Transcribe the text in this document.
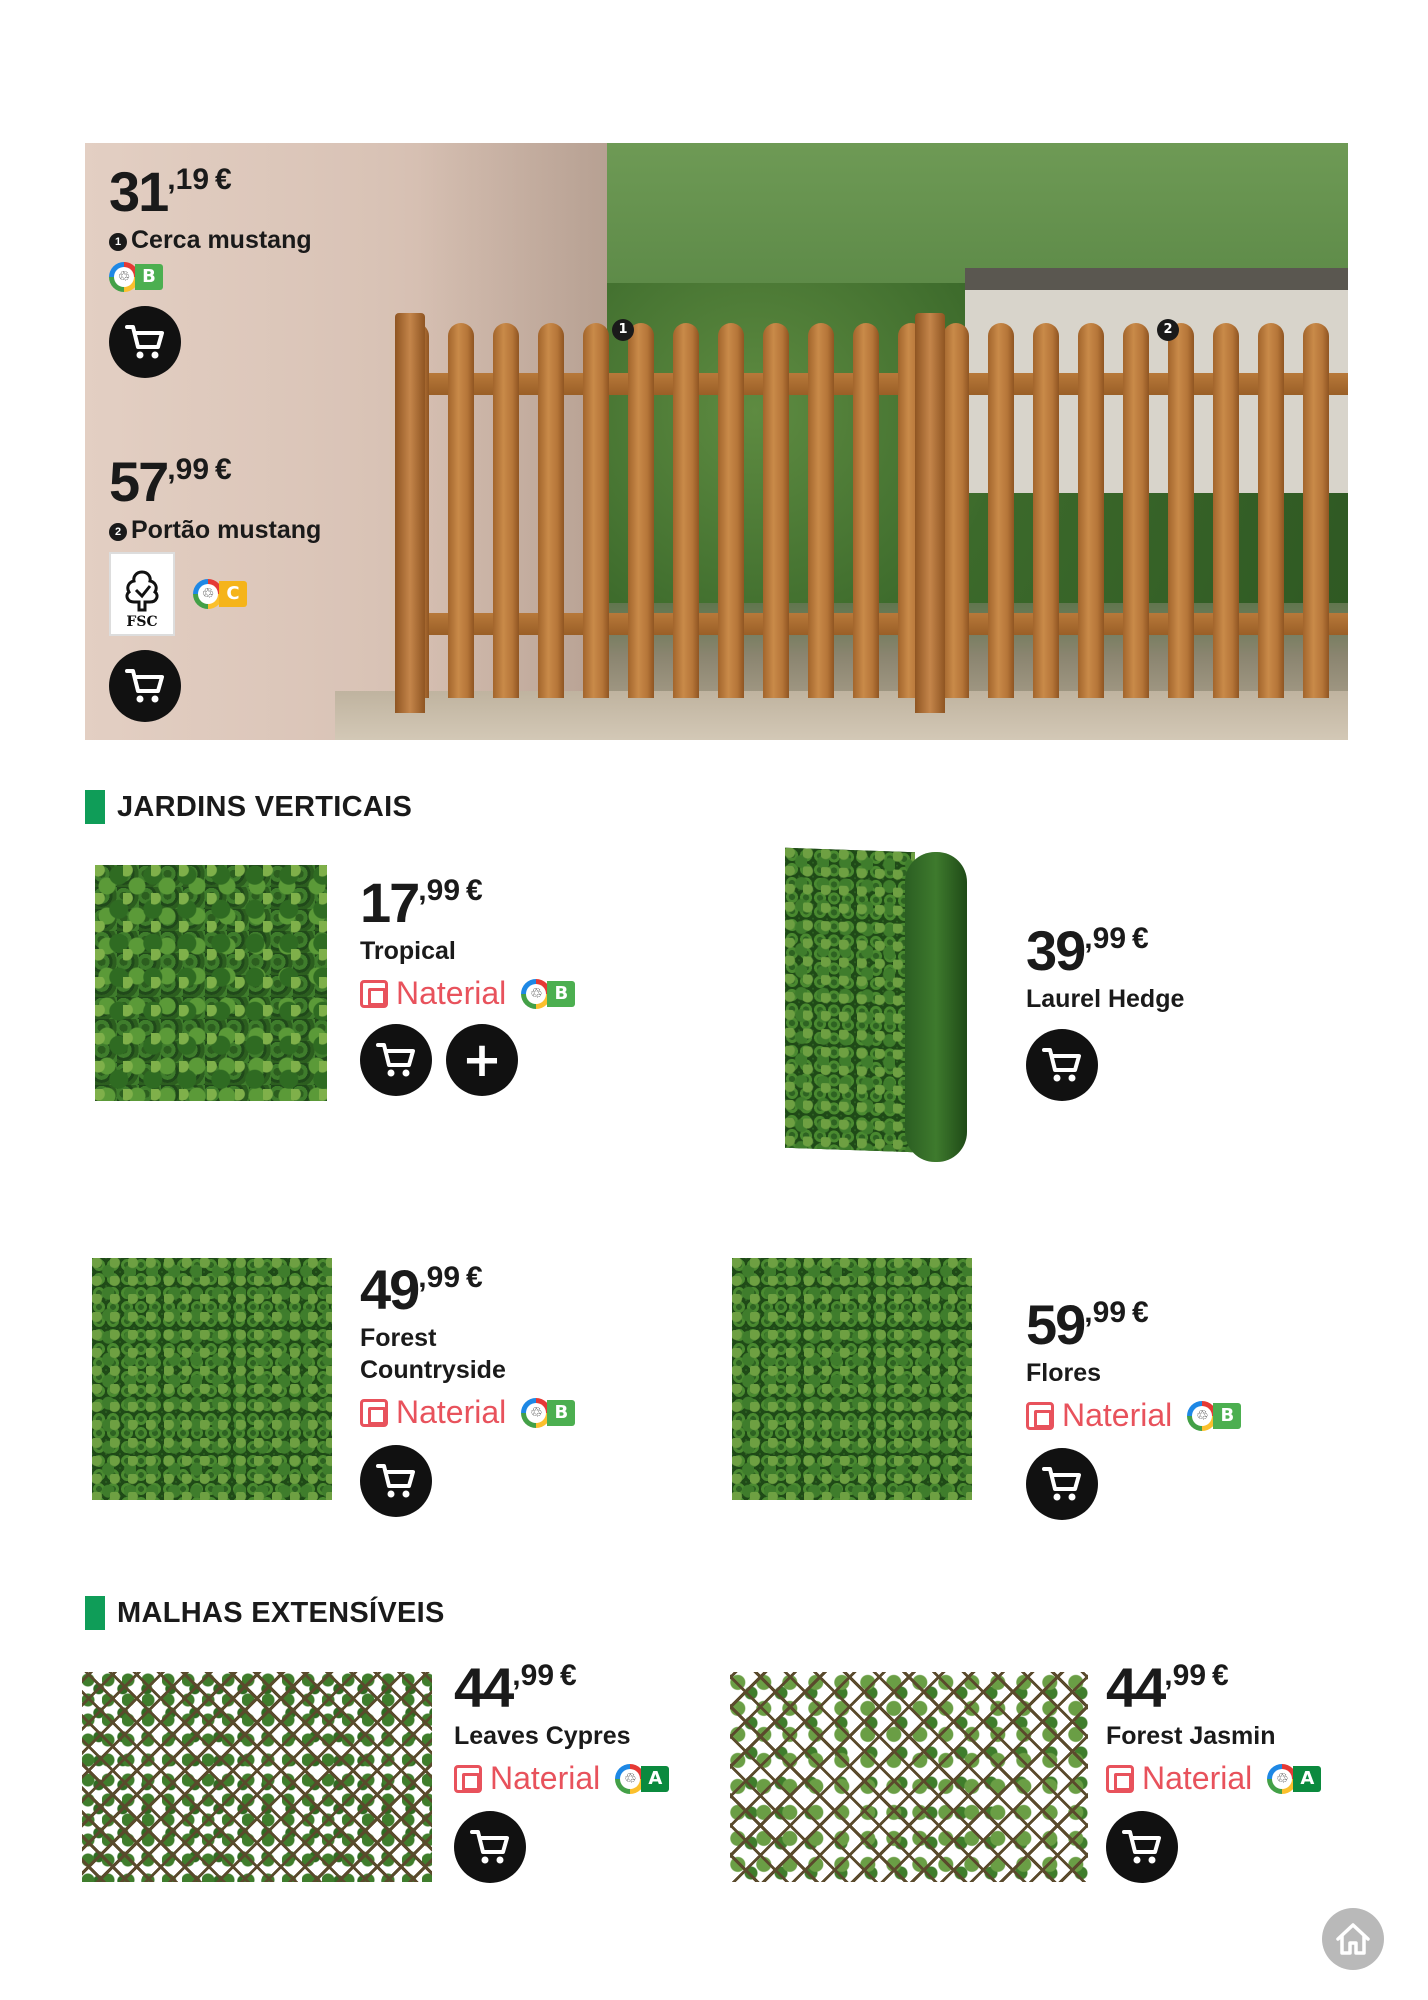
1	2
31,19 €
1 Cerca mustang
♲
B
57,99 €
2 Portão mustang
FSC
♲
C
JARDINS VERTICAIS
17,99 €
Tropical
Naterial
♲	B
+
39,99 €
Laurel Hedge
49,99 €
Forest
Countryside
Naterial
♲	B
59,99 €
Flores
Naterial
♲	B
MALHAS EXTENSÍVEIS
44,99 €
Leaves Cypres
Naterial
♲	A
44,99 €
Forest Jasmin
Naterial
♲	A
